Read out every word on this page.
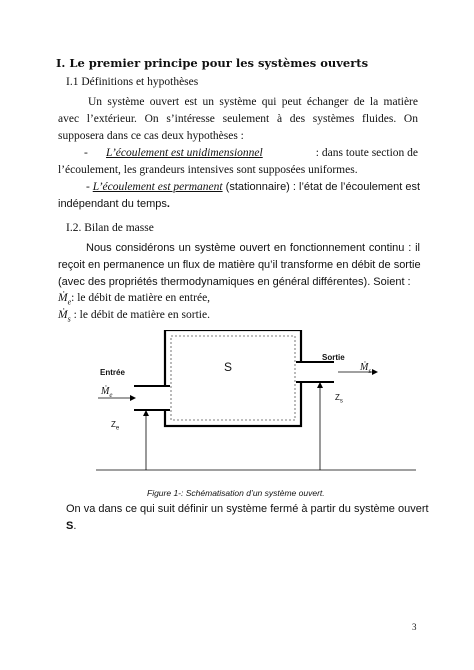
I. Le premier principe pour les systèmes ouverts
I.1 Définitions et hypothèses
Un système ouvert est un système qui peut échanger de la matière
avec l’extérieur. On s’intéresse seulement à des systèmes fluides. On
supposera dans ce cas deux hypothèses :
- L’écoulement est unidimensionnel	: dans toute section de
l’écoulement, les grandeurs intensives sont supposées uniformes.
- L’écoulement est permanent (stationnaire) : l’état de l’écoulement est
indépendant du temps.
I.2. Bilan de masse
Nous considérons un système ouvert en fonctionnement continu : il
reçoit en permanence un flux de matière qu’il transforme en débit de sortie
(avec des propriétés thermodynamiques en général différentes). Soient :
Ṁ$_e$: le débit de matière en entrée,
Ṁ$_s$ : le débit de matière en sortie.
S
Entrée
Sortie
Ṁ$_e$
Ṁ$_s$
$Z_e$
$Z_s$
Figure 1-: Schématisation d’un système ouvert.
On va dans ce qui suit définir un système fermé à partir du système ouvert
S.
3
